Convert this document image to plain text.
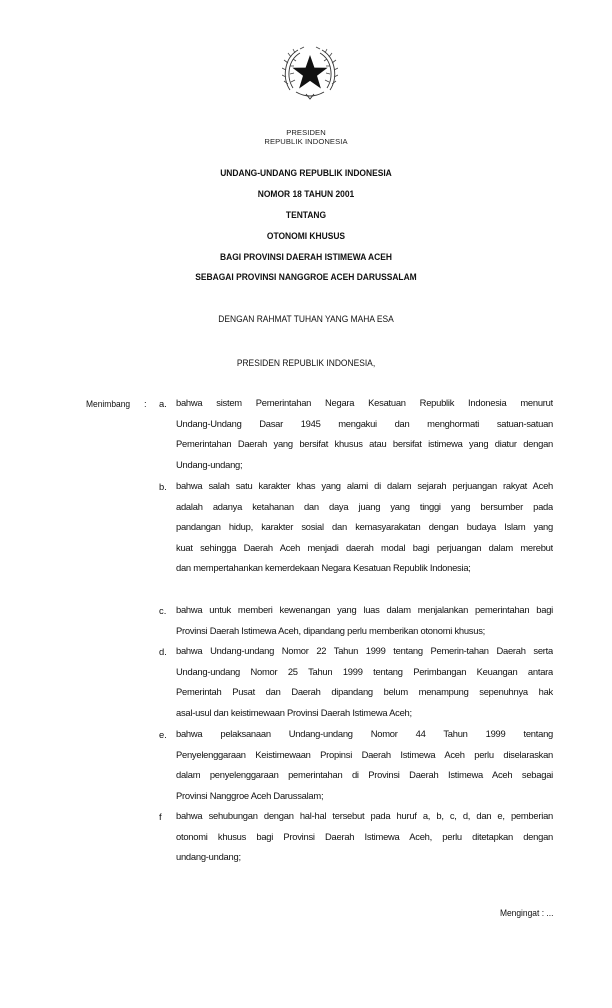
PRESIDEN
REPUBLIK INDONESIA
UNDANG-UNDANG REPUBLIK INDONESIA
NOMOR 18 TAHUN 2001
TENTANG
OTONOMI KHUSUS
BAGI PROVINSI DAERAH ISTIMEWA ACEH
SEBAGAI PROVINSI NANGGROE ACEH DARUSSALAM
DENGAN RAHMAT TUHAN YANG MAHA ESA
PRESIDEN REPUBLIK INDONESIA,
Menimbang : a. bahwa sistem Pemerintahan Negara Kesatuan Republik Indonesia menurut
Undang-Undang Dasar 1945 mengakui dan menghormati satuan-satuan
Pemerintahan Daerah yang bersifat khusus atau bersifat istimewa yang diatur dengan
Undang-undang;
b. bahwa salah satu karakter khas yang alami di dalam sejarah perjuangan rakyat Aceh
adalah adanya ketahanan dan daya juang yang tinggi yang bersumber pada
pandangan hidup, karakter sosial dan kemasyarakatan dengan budaya Islam yang
kuat sehingga Daerah Aceh menjadi daerah modal bagi perjuangan dalam merebut
dan mempertahankan kemerdekaan Negara Kesatuan Republik Indonesia;
c. bahwa untuk memberi kewenangan yang luas dalam menjalankan pemerintahan bagi
Provinsi Daerah Istimewa Aceh, dipandang perlu memberikan otonomi khusus;
d. bahwa Undang-undang Nomor 22 Tahun 1999 tentang Pemerin-tahan Daerah serta
Undang-undang Nomor 25 Tahun 1999 tentang Perimbangan Keuangan antara
Pemerintah Pusat dan Daerah dipandang belum menampung sepenuhnya hak
asal-usul dan keistimewaan Provinsi Daerah Istimewa Aceh;
e. bahwa pelaksanaan Undang-undang Nomor 44 Tahun 1999 tentang
Penyelenggaraan Keistimewaan Propinsi Daerah Istimewa Aceh perlu diselaraskan
dalam penyelenggaraan pemerintahan di Provinsi Daerah Istimewa Aceh sebagai
Provinsi Nanggroe Aceh Darussalam;
f bahwa sehubungan dengan hal-hal tersebut pada huruf a, b, c, d, dan e, pemberian
otonomi khusus bagi Provinsi Daerah Istimewa Aceh, perlu ditetapkan dengan
undang-undang;
Mengingat : ...
